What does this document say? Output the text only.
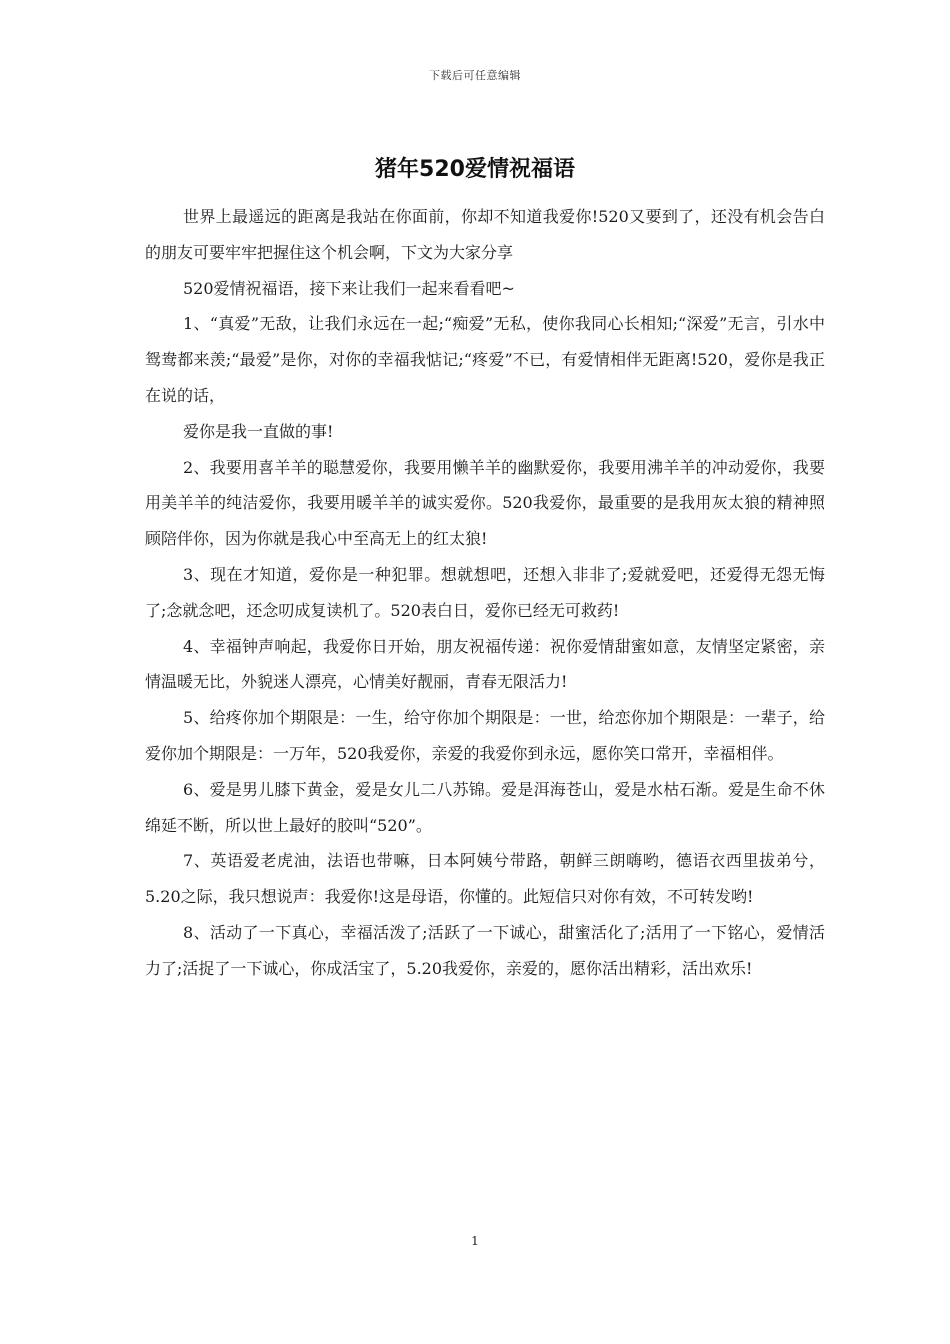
下载后可任意编辑
猪年520爱情祝福语

世界上最遥远的距离是我站在你面前，你却不知道我爱你!520又要到了，还没有机会告白的朋友可要牢牢把握住这个机会啊，下文为大家分享

520爱情祝福语，接下来让我们一起来看看吧~

1、“真爱”无敌，让我们永远在一起;“痴爱”无私，使你我同心长相知;“深爱”无言，引水中鸳鸯都来羡;“最爱”是你，对你的幸福我惦记;“疼爱”不已，有爱情相伴无距离!520，爱你是我正在说的话，

爱你是我一直做的事!

2、我要用喜羊羊的聪慧爱你，我要用懒羊羊的幽默爱你，我要用沸羊羊的冲动爱你，我要用美羊羊的纯洁爱你，我要用暖羊羊的诚实爱你。520我爱你，最重要的是我用灰太狼的精神照顾陪伴你，因为你就是我心中至高无上的红太狼!

3、现在才知道，爱你是一种犯罪。想就想吧，还想入非非了;爱就爱吧，还爱得无怨无悔了;念就念吧，还念叨成复读机了。520表白日，爱你已经无可救药!

4、幸福钟声响起，我爱你日开始，朋友祝福传递：祝你爱情甜蜜如意，友情坚定紧密，亲情温暖无比，外貌迷人漂亮，心情美好靓丽，青春无限活力!

5、给疼你加个期限是：一生，给守你加个期限是：一世，给恋你加个期限是：一辈子，给爱你加个期限是：一万年，520我爱你，亲爱的我爱你到永远，愿你笑口常开，幸福相伴。

6、爱是男儿膝下黄金，爱是女儿二八苏锦。爱是洱海苍山，爱是水枯石渐。爱是生命不休绵延不断，所以世上最好的胶叫“520”。

7、英语爱老虎油，法语也带嘛，日本阿姨兮带路，朝鲜三朗嗨哟，德语衣西里拔弟兮，5.20之际，我只想说声：我爱你!这是母语，你懂的。此短信只对你有效，不可转发哟!

8、活动了一下真心，幸福活泼了;活跃了一下诚心，甜蜜活化了;活用了一下铭心，爱情活力了;活捉了一下诚心，你成活宝了，5.20我爱你，亲爱的，愿你活出精彩，活出欢乐!

1
